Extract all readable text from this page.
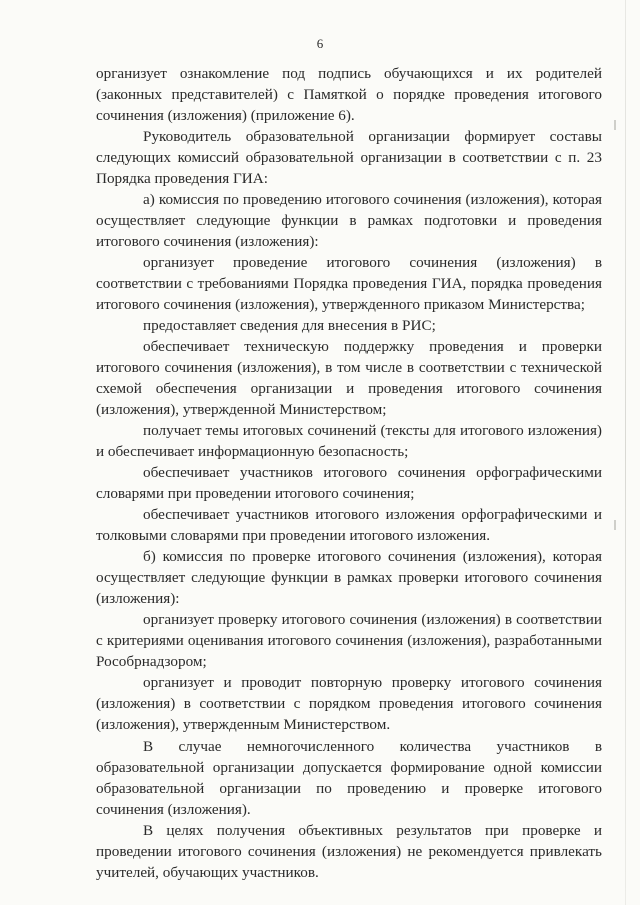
6

организует ознакомление под подпись обучающихся и их родителей (законных представителей) с Памяткой о порядке проведения итогового сочинения (изложения) (приложение 6).

Руководитель образовательной организации формирует составы следующих комиссий образовательной организации в соответствии с п. 23 Порядка проведения ГИА:

а) комиссия по проведению итогового сочинения (изложения), которая осуществляет следующие функции в рамках подготовки и проведения итогового сочинения (изложения):

организует проведение итогового сочинения (изложения) в соответствии с требованиями Порядка проведения ГИА, порядка проведения итогового сочинения (изложения), утвержденного приказом Министерства;

предоставляет сведения для внесения в РИС;

обеспечивает техническую поддержку проведения и проверки итогового сочинения (изложения), в том числе в соответствии с технической схемой обеспечения организации и проведения итогового сочинения (изложения), утвержденной Министерством;

получает темы итоговых сочинений (тексты для итогового изложения) и обеспечивает информационную безопасность;

обеспечивает участников итогового сочинения орфографическими словарями при проведении итогового сочинения;

обеспечивает участников итогового изложения орфографическими и толковыми словарями при проведении итогового изложения.

б) комиссия по проверке итогового сочинения (изложения), которая осуществляет следующие функции в рамках проверки итогового сочинения (изложения):

организует проверку итогового сочинения (изложения) в соответствии с критериями оценивания итогового сочинения (изложения), разработанными Рособрнадзором;

организует и проводит повторную проверку итогового сочинения (изложения) в соответствии с порядком проведения итогового сочинения (изложения), утвержденным Министерством.

В случае немногочисленного количества участников в образовательной организации допускается формирование одной комиссии образовательной организации по проведению и проверке итогового сочинения (изложения).

В целях получения объективных результатов при проверке и проведении итогового сочинения (изложения) не рекомендуется привлекать учителей, обучающих участников.
